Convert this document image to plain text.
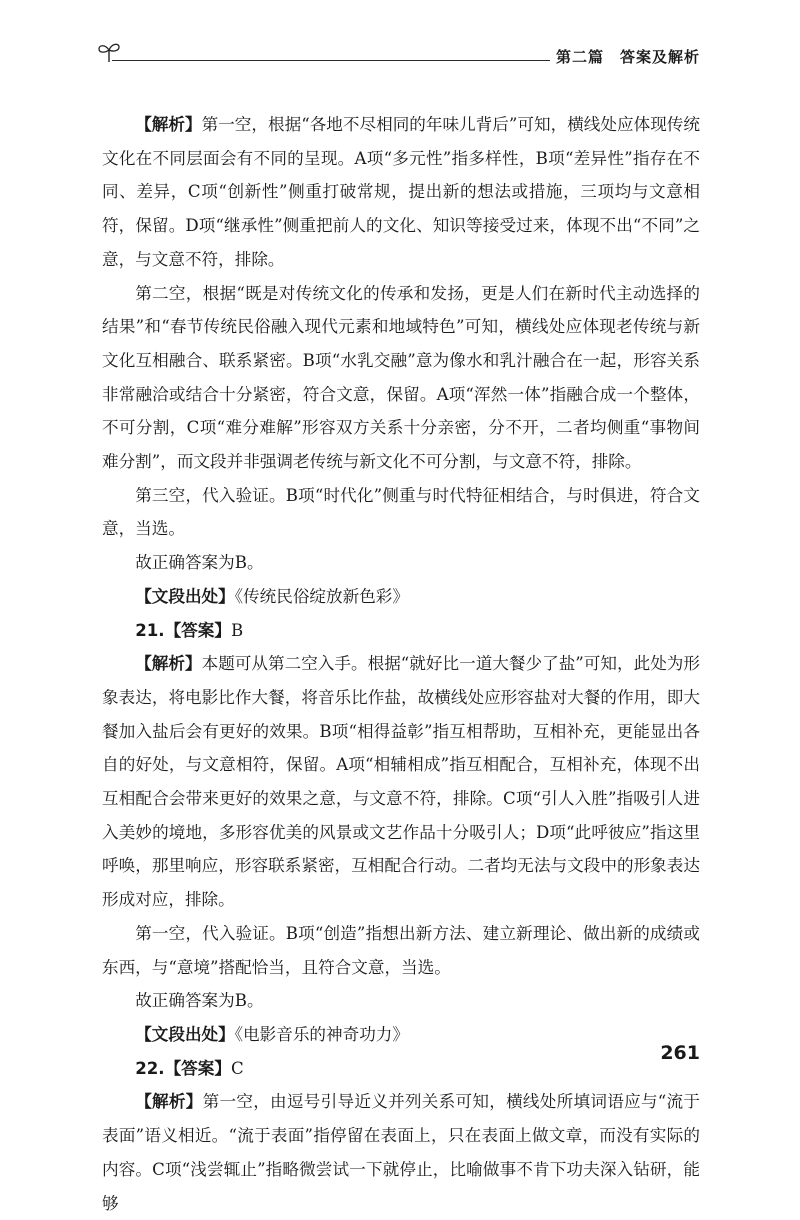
第二篇　答案及解析

【解析】第一空，根据“各地不尽相同的年味儿背后”可知，横线处应体现传统文化在不同层面会有不同的呈现。A项“多元性”指多样性，B项“差异性”指存在不同、差异，C项“创新性”侧重打破常规，提出新的想法或措施，三项均与文意相符，保留。D项“继承性”侧重把前人的文化、知识等接受过来，体现不出“不同”之意，与文意不符，排除。

第二空，根据“既是对传统文化的传承和发扬，更是人们在新时代主动选择的结果”和“春节传统民俗融入现代元素和地域特色”可知，横线处应体现老传统与新文化互相融合、联系紧密。B项“水乳交融”意为像水和乳汁融合在一起，形容关系非常融洽或结合十分紧密，符合文意，保留。A项“浑然一体”指融合成一个整体，不可分割，C项“难分难解”形容双方关系十分亲密，分不开，二者均侧重“事物间难分割”，而文段并非强调老传统与新文化不可分割，与文意不符，排除。

第三空，代入验证。B项“时代化”侧重与时代特征相结合，与时俱进，符合文意，当选。

故正确答案为B。

【文段出处】《传统民俗绽放新色彩》

21.【答案】B

【解析】本题可从第二空入手。根据“就好比一道大餐少了盐”可知，此处为形象表达，将电影比作大餐，将音乐比作盐，故横线处应形容盐对大餐的作用，即大餐加入盐后会有更好的效果。B项“相得益彰”指互相帮助，互相补充，更能显出各自的好处，与文意相符，保留。A项“相辅相成”指互相配合，互相补充，体现不出互相配合会带来更好的效果之意，与文意不符，排除。C项“引人入胜”指吸引人进入美妙的境地，多形容优美的风景或文艺作品十分吸引人；D项“此呼彼应”指这里呼唤，那里响应，形容联系紧密，互相配合行动。二者均无法与文段中的形象表达形成对应，排除。

第一空，代入验证。B项“创造”指想出新方法、建立新理论、做出新的成绩或东西，与“意境”搭配恰当，且符合文意，当选。

故正确答案为B。

【文段出处】《电影音乐的神奇功力》

22.【答案】C

【解析】第一空，由逗号引导近义并列关系可知，横线处所填词语应与“流于表面”语义相近。“流于表面”指停留在表面上，只在表面上做文章，而没有实际的内容。C项“浅尝辄止”指略微尝试一下就停止，比喻做事不肯下功夫深入钻研，能够

261
